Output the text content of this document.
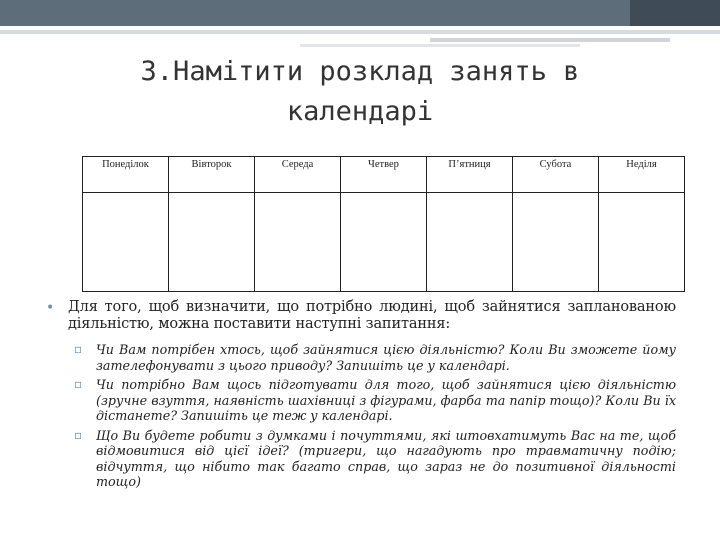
3.Намітити розклад занять в календарі
Понеділок	Вівторок	Середа	Четвер	П’ятниця	Субота	Неділя

• Для того, щоб визначити, що потрібно людині, щоб зайнятися запланованою діяльністю, можна поставити наступні запитання:
▫ Чи Вам потрібен хтось, щоб зайнятися цією діяльністю? Коли Ви зможете йому зателефонувати з цього приводу? Запишіть це у календарі.
▫ Чи потрібно Вам щось підготувати для того, щоб зайнятися цією діяльністю (зручне взуття, наявність шахівниці з фігурами, фарба та папір тощо)? Коли Ви їх дістанете? Запишіть це теж у календарі.
▫ Що Ви будете робити з думками і почуттями, які штовхатимуть Вас на те, щоб відмовитися від цієї ідеї? (тригери, що нагадують про травматичну подію; відчуття, що нібито так багато справ, що зараз не до позитивної діяльності тощо)
